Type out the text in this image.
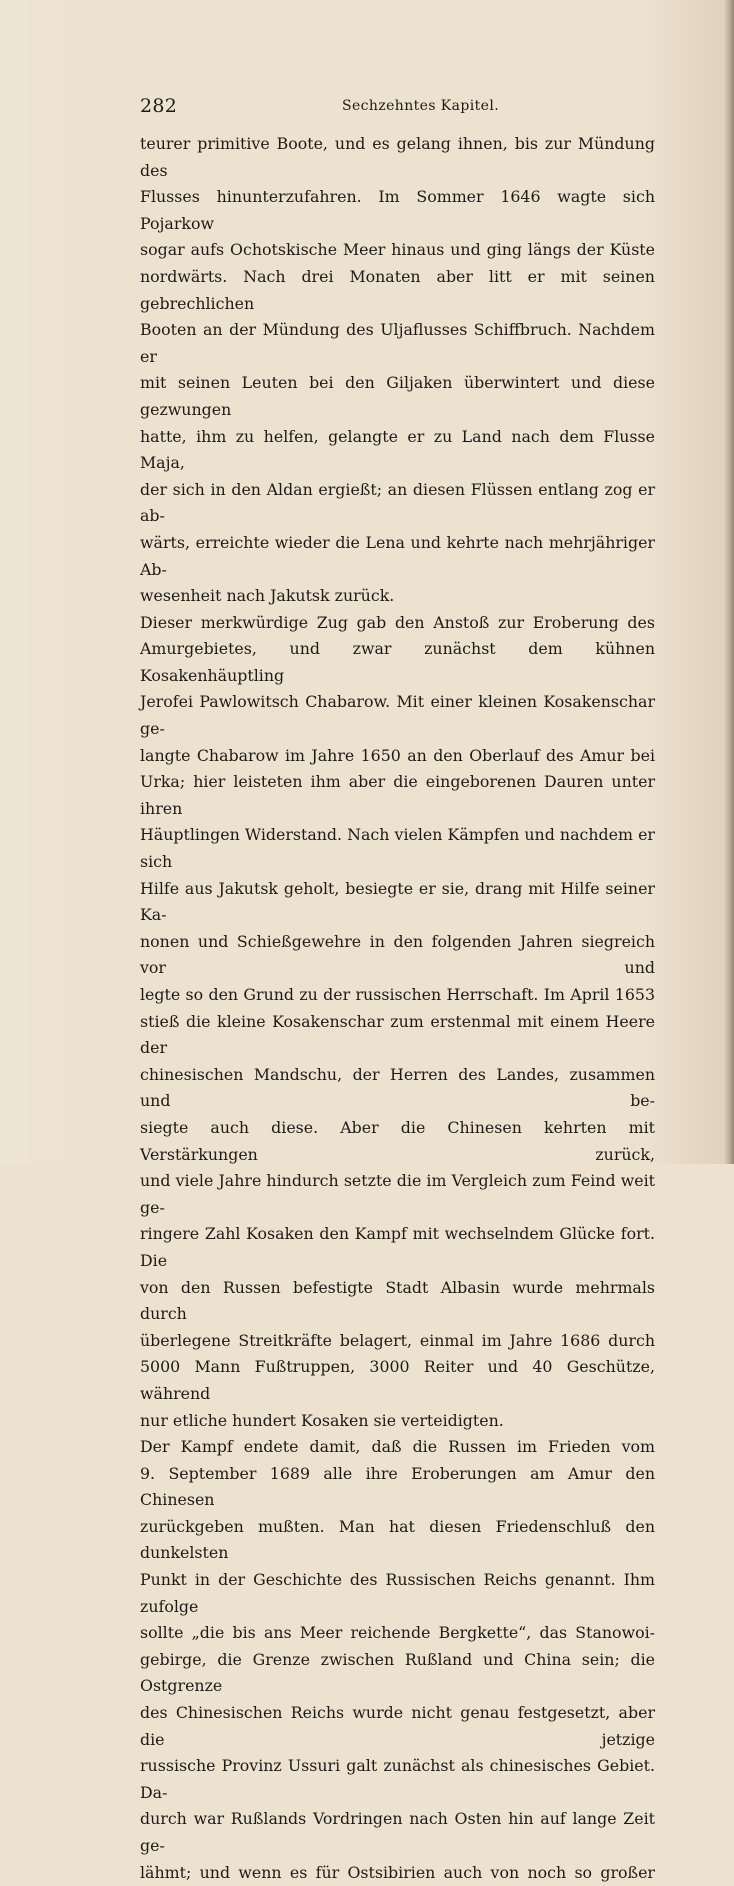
282	Sechzehntes Kapitel.

teurer primitive Boote, und es gelang ihnen, bis zur Mündung des

Flusses hinunterzufahren. Im Sommer 1646 wagte sich Pojarkow

sogar aufs Ochotskische Meer hinaus und ging längs der Küste

nordwärts. Nach drei Monaten aber litt er mit seinen gebrechlichen

Booten an der Mündung des Uljaflusses Schiffbruch. Nachdem er

mit seinen Leuten bei den Giljaken überwintert und diese gezwungen

hatte, ihm zu helfen, gelangte er zu Land nach dem Flusse Maja,

der sich in den Aldan ergießt; an diesen Flüssen entlang zog er ab-

wärts, erreichte wieder die Lena und kehrte nach mehrjähriger Ab-

wesenheit nach Jakutsk zurück.

Dieser merkwürdige Zug gab den Anstoß zur Eroberung des

Amurgebietes, und zwar zunächst dem kühnen Kosakenhäuptling

Jerofei Pawlowitsch Chabarow. Mit einer kleinen Kosakenschar ge-

langte Chabarow im Jahre 1650 an den Oberlauf des Amur bei

Urka; hier leisteten ihm aber die eingeborenen Dauren unter ihren

Häuptlingen Widerstand. Nach vielen Kämpfen und nachdem er sich

Hilfe aus Jakutsk geholt, besiegte er sie, drang mit Hilfe seiner Ka-

nonen und Schießgewehre in den folgenden Jahren siegreich vor und

legte so den Grund zu der russischen Herrschaft. Im April 1653

stieß die kleine Kosakenschar zum erstenmal mit einem Heere der

chinesischen Mandschu, der Herren des Landes, zusammen und be-

siegte auch diese. Aber die Chinesen kehrten mit Verstärkungen zurück,

und viele Jahre hindurch setzte die im Vergleich zum Feind weit ge-

ringere Zahl Kosaken den Kampf mit wechselndem Glücke fort. Die

von den Russen befestigte Stadt Albasin wurde mehrmals durch

überlegene Streitkräfte belagert, einmal im Jahre 1686 durch

5000 Mann Fußtruppen, 3000 Reiter und 40 Geschütze, während

nur etliche hundert Kosaken sie verteidigten.

Der Kampf endete damit, daß die Russen im Frieden vom

9. September 1689 alle ihre Eroberungen am Amur den Chinesen

zurückgeben mußten. Man hat diesen Friedenschluß den dunkelsten

Punkt in der Geschichte des Russischen Reichs genannt. Ihm zufolge

sollte „die bis ans Meer reichende Bergkette“, das Stanowoi-

gebirge, die Grenze zwischen Rußland und China sein; die Ostgrenze

des Chinesischen Reichs wurde nicht genau festgesetzt, aber die jetzige

russische Provinz Ussuri galt zunächst als chinesisches Gebiet. Da-

durch war Rußlands Vordringen nach Osten hin auf lange Zeit ge-

lähmt; und wenn es für Ostsibirien auch von noch so großer
